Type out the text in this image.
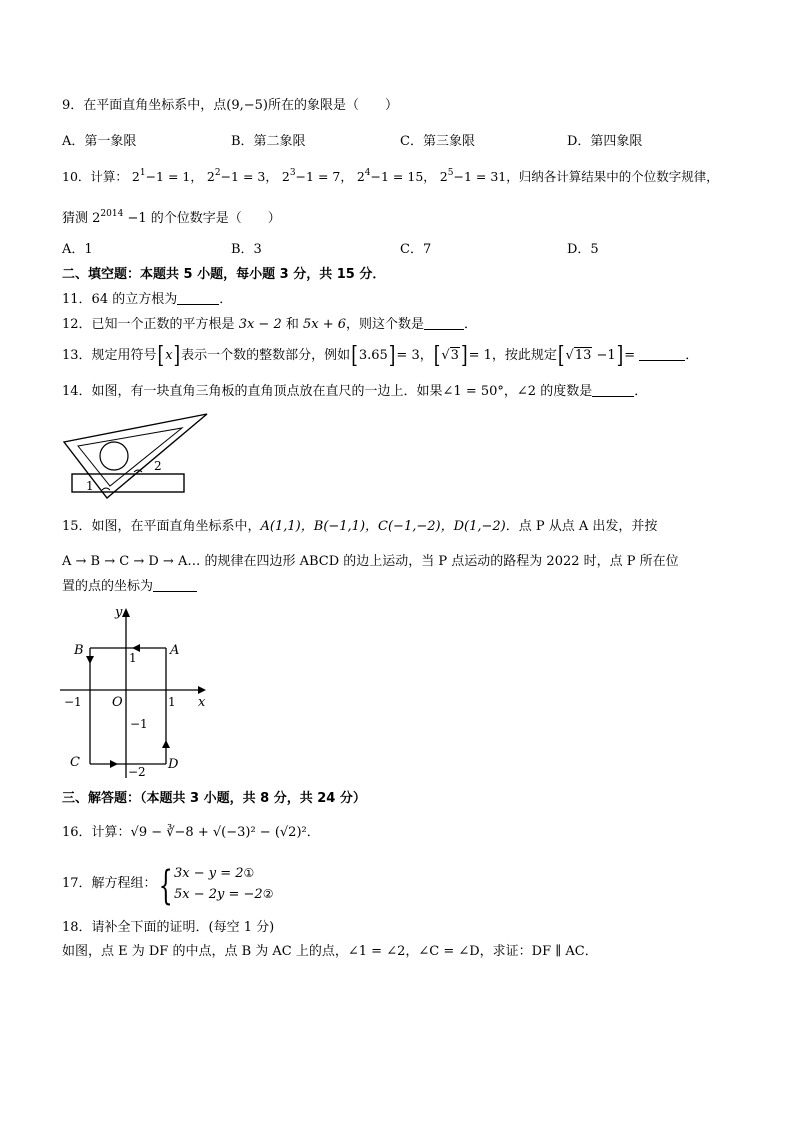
9．在平面直角坐标系中，点(9,−5)所在的象限是（　　）
A．第一象限	B．第二象限	C．第三象限	D．第四象限
10．计算： $2^1-1 = 1$， $2^2-1 = 3$， $2^3-1 = 7$， $2^4-1 = 15$， $2^5-1 = 31$，归纳各计算结果中的个位数字规律，
猜测 $2^{2014} -1$ 的个位数字是（　　）
A．1	B．3	C．7	D．5
二、填空题：本题共 5 小题，每小题 3 分，共 15 分．
11．64 的立方根为	．
12．已知一个正数的平方根是 3x − 2 和 5x + 6，则这个数是	．
13．规定用符号[x]表示一个数的整数部分，例如[3.65]= 3，[√3 ]= 1，按此规定[√13 −1]=	．
14．如图，有一块直角三角板的直角顶点放在直尺的一边上．如果∠1 = 50°，∠2 的度数是	．
2
1
15．如图，在平面直角坐标系中，A(1,1)，B(−1,1)，C(−1,−2)，D(1,−2)．点 P 从点 A 出发，并按
A → B → C → D → A… 的规律在四边形 ABCD 的边上运动，当 P 点运动的路程为 2022 时，点 P 所在位
置的点的坐标为
y
x
O
A
B
C	D
1
1
−1
−1
−2
三、解答题：（本题共 3 小题，共 8 分，共 24 分）
16．计算：√9 − ∛−8 + √(−3)² − (√2)²．
17．解方程组：{ 3x − y = 2①
5x − 2y = −2②
18．请补全下面的证明．(每空 1 分)
如图，点 E 为 DF 的中点，点 B 为 AC 上的点，∠1 = ∠2，∠C = ∠D，求证：DF ∥ AC．
